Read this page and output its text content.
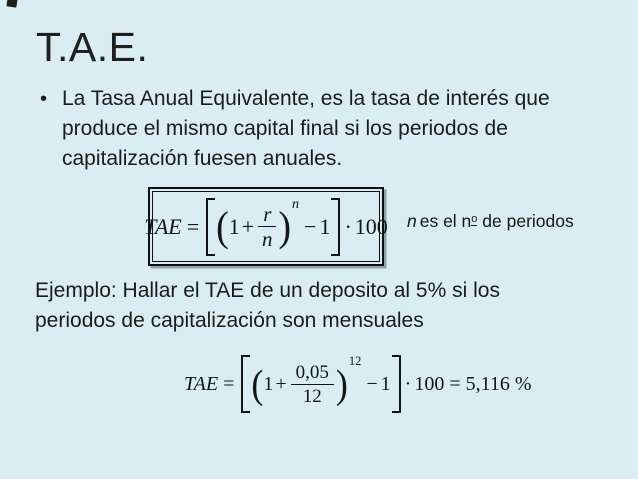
T.A.E.
• La Tasa Anual Equivalente, es la tasa de interés que
produce el mismo capital final si los periodos de
capitalización fuesen anuales.
TAE = ( $1 + \frac{r}{n}$ ) n
− 1 · 100 n es el no de periodos
Ejemplo: Hallar el TAE de un deposito al 5% si los
periodos de capitalización son mensuales
TAE = ( $1 + \frac{0,05}{12}$ )
12
− 1 · 100 = 5,116 %
